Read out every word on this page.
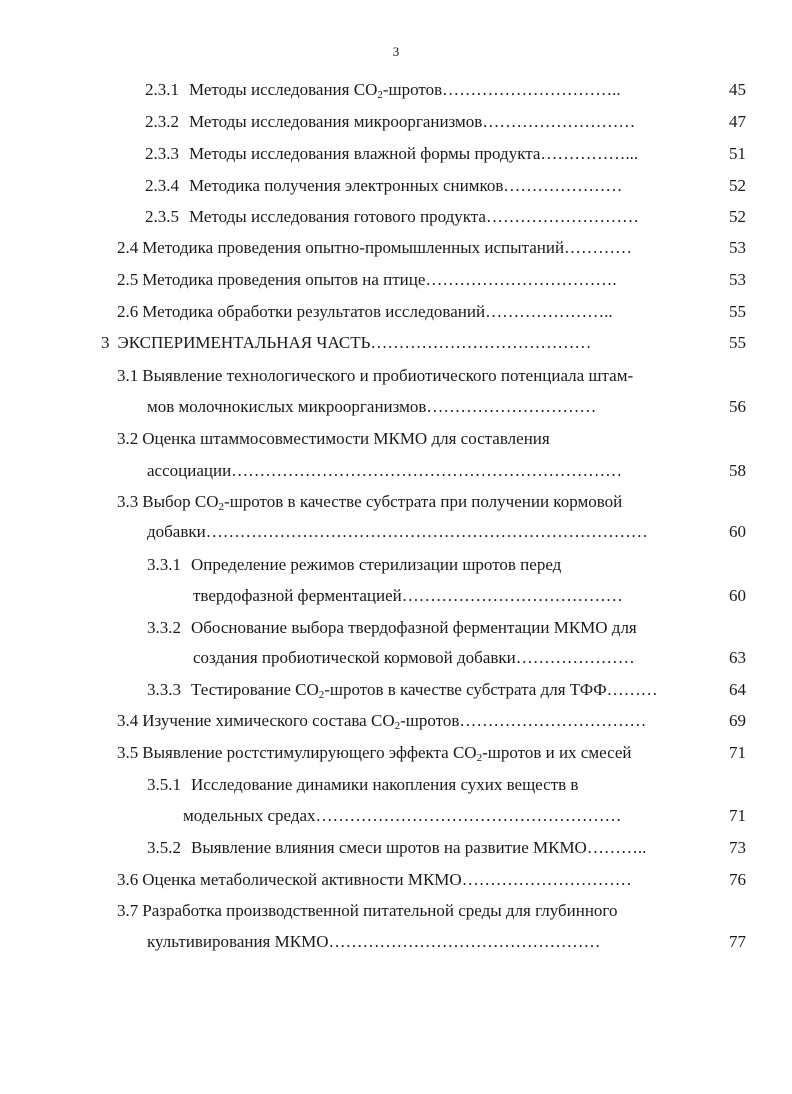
3
2.3.1 Методы исследования $СО_2-шротов\dots\dots\dots\dots\dots\dots\dots\dots\dots\dots$..	45
2.3.2 Методы исследования микроорганизмов………………………	47
2.3.3 Методы исследования влажной формы продукта……………...	51
2.3.4 Методика получения электронных снимков…………………	52
2.3.5 Методы исследования готового продукта………………………	52
2.4 Методика проведения опытно-промышленных испытаний…………	53
2.5 Методика проведения опытов на птице…………………………….	53
2.6 Методика обработки результатов исследований…………………..	55
3 ЭКСПЕРИМЕНТАЛЬНАЯ ЧАСТЬ…………………………………	55
3.1 Выявление технологического и пробиотического потенциала штам-
мов молочнокислых микроорганизмов…………………………	56
3.2 Оценка штаммосовместимости МКМО для составления
ассоциации……………………………………………………………	58
3.3 Выбор $СО_2$-шротов в качестве субстрата при получении кормовой
добавки……………………………………………………………………	60
3.3.1 Определение режимов стерилизации шротов перед
твердофазной ферментацией…………………………………	60
3.3.2 Обоснование выбора твердофазной ферментации МКМО для
создания пробиотической кормовой добавки…………………	63
3.3.3 Тестирование $СО_2$-шротов в качестве субстрата для ТФФ………	64
3.4 Изучение химического состава $СО_2-шротов\dots\dots\dots\dots\dots\dots\dots\dots\dots\dots\dots$	69
3.5 Выявление ростстимулирующего эффекта $СО_2$-шротов и их смесей	71
3.5.1 Исследование динамики накопления сухих веществ в
модельных средах………………………………………………	71
3.5.2 Выявление влияния смеси шротов на развитие МКМО………..	73
3.6 Оценка метаболической активности МКМО…………………………	76
3.7 Разработка производственной питательной среды для глубинного
культивирования МКМО…………………………………………	77
